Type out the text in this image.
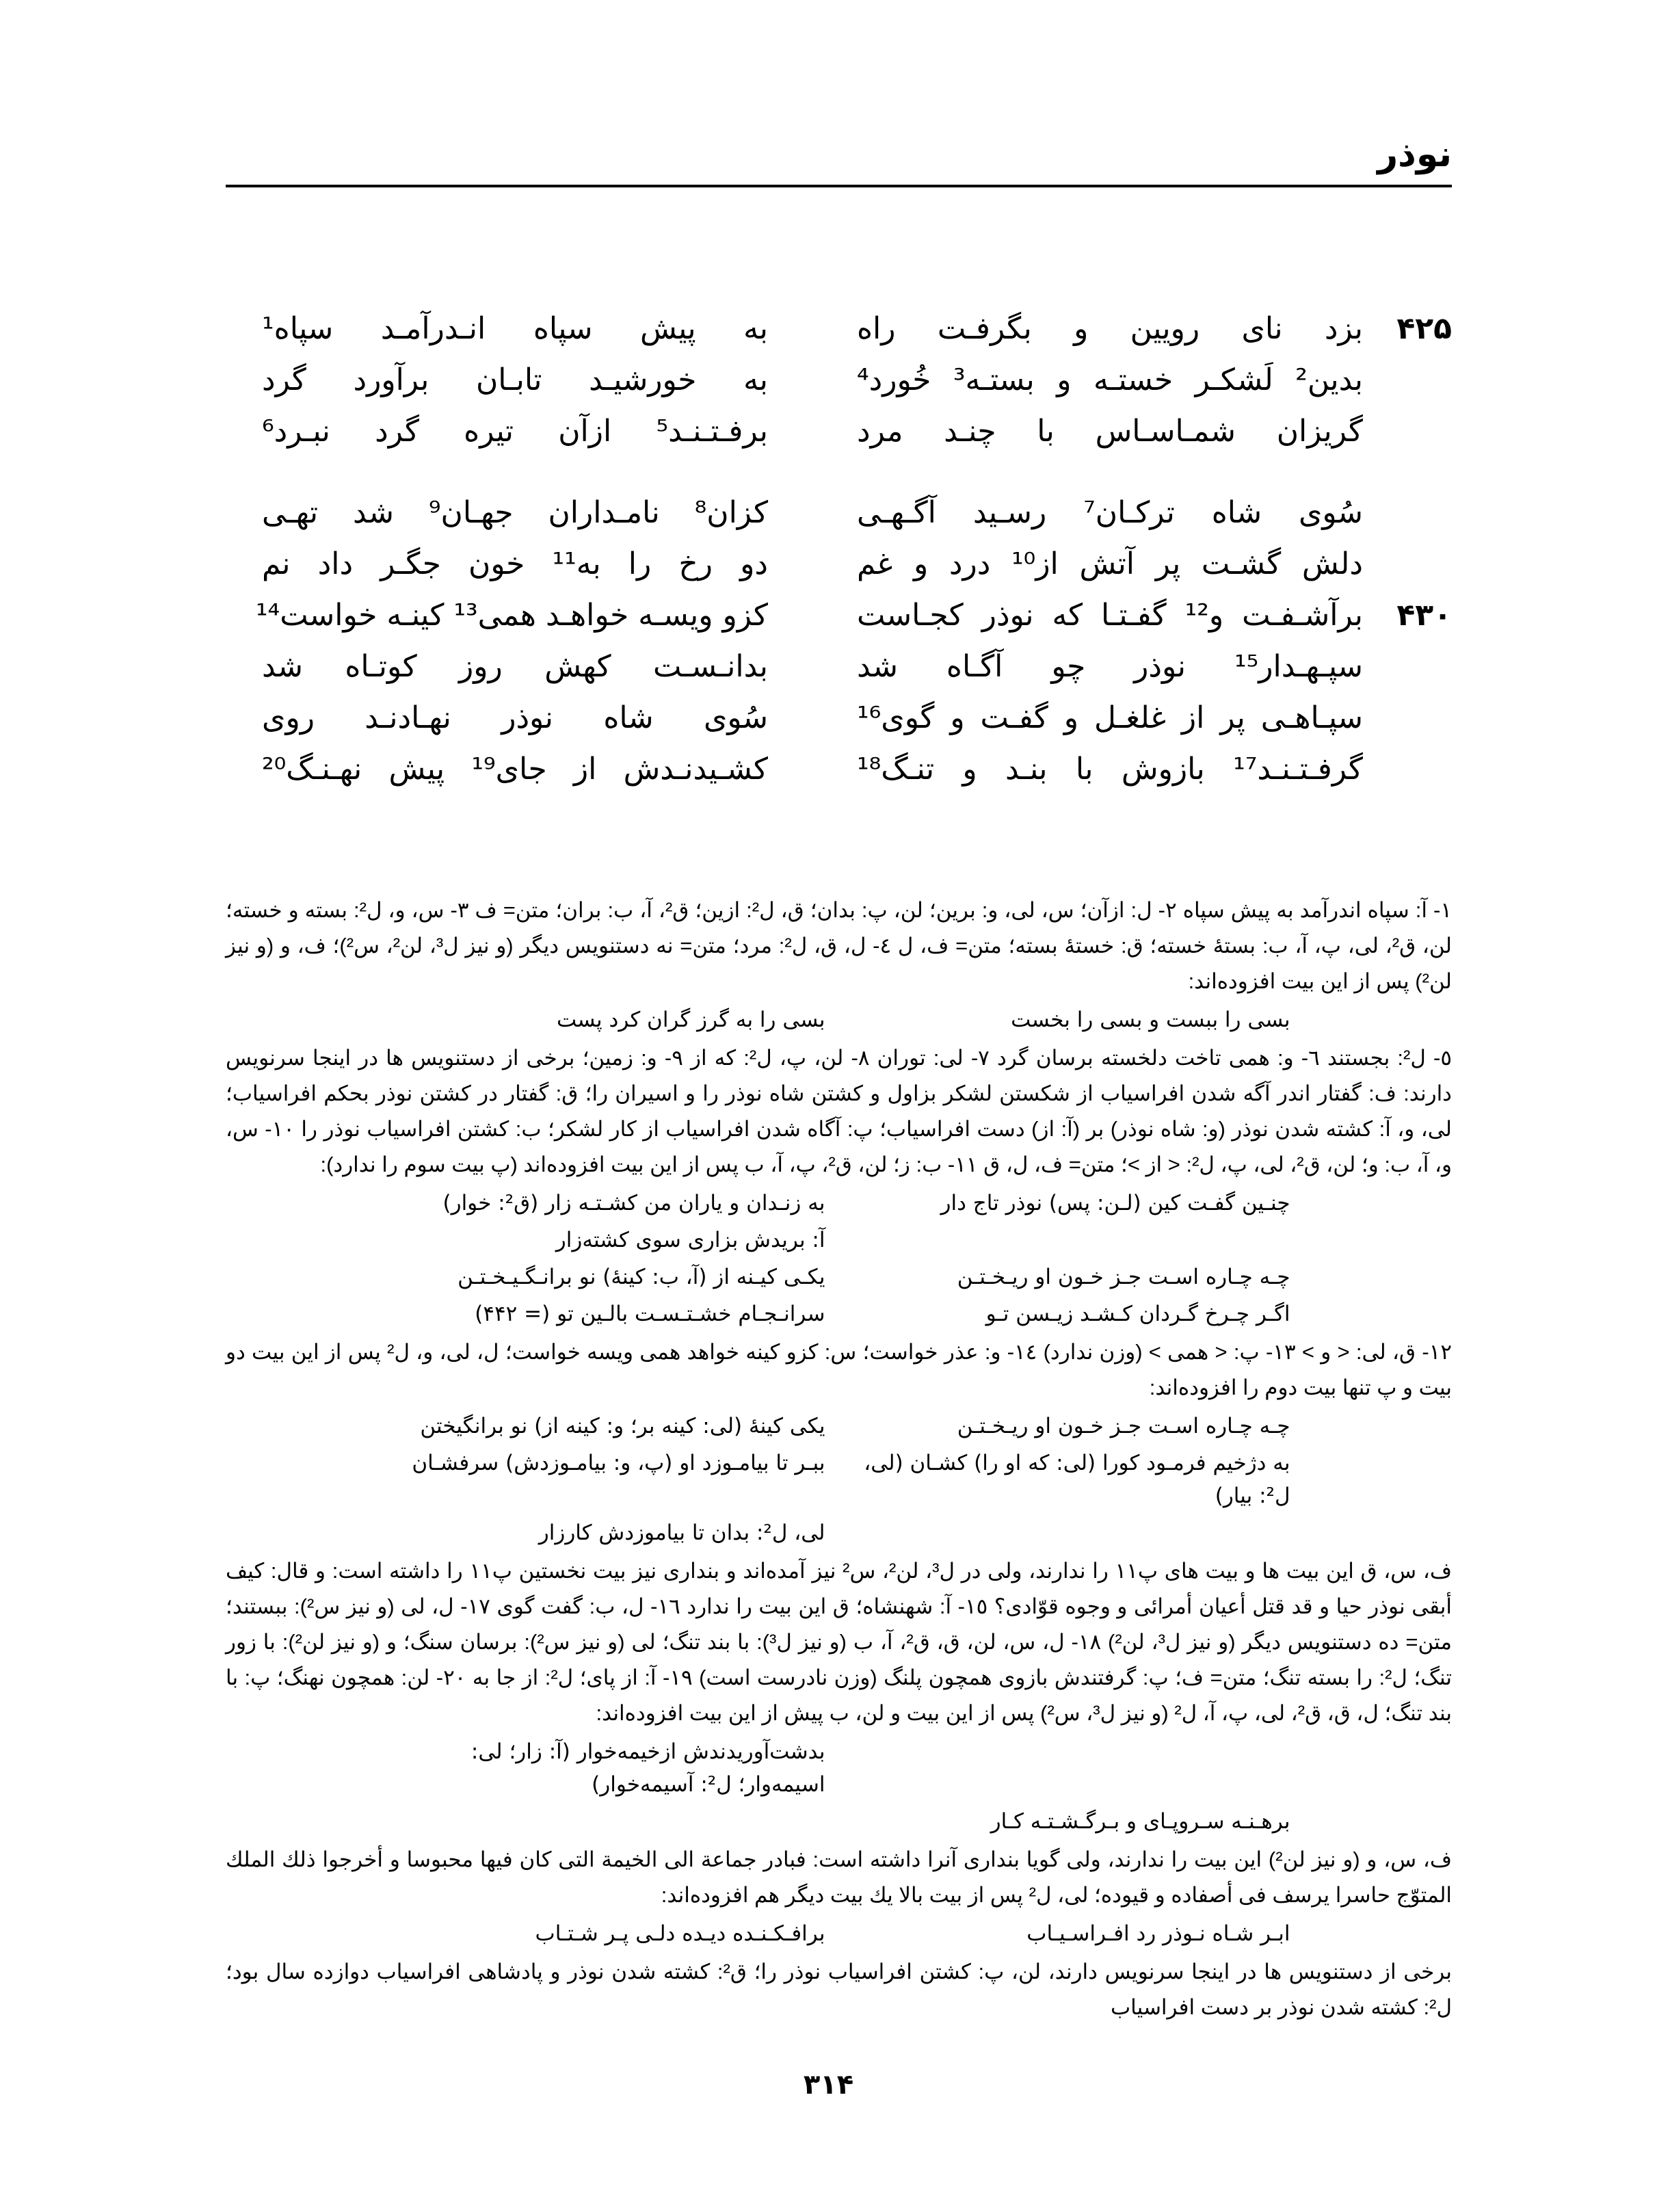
نوذر
۴۲۵
بزد نای رویین و بگرفـت راه
به پیش سپاه انـدرآمـد سپاه¹
بدین² لَشکـر خستـه و بستـه³ خُورد⁴
به خورشیـد تابـان برآورد گرد
گریزان شمـاسـاس با چنـد مرد
برفـتـنـد⁵ ازآن تیره گرد نبـرد⁶
سُوی شاه ترکـان⁷ رسـید آگـهـی
کزان⁸ نامـداران جهـان⁹ شد تهـی
دلش گشـت پر آتش از¹⁰ درد و غم
دو رخ را به¹¹ خون جگـر داد نم
۴۳۰
برآشـفـت و¹² گفـتـا که نوذر کجـاست
کزو ویسـه خواهـد همی¹³ کینـه خواست¹⁴
سپـهـدار¹⁵ نوذر چو آگـاه شد
بدانـسـت کهش روز کوتـاه شد
سپـاهـی پر از غلغـل و گفـت و گوی¹⁶
سُوی شاه نوذر نهـادنـد روی
گرفـتـنـد¹⁷ بازوش با بنـد و تنـگ¹⁸
کشـیدنـدش از جای¹⁹ پیش نهـنـگ²⁰

۱- آ: سپاه اندرآمد به پیش سپاه ۲- ل: ازآن؛ س، لی، و: برین؛ لن، پ: بدان؛ ق، ل²: ازین؛ ق²، آ، ب: بران؛ متن= ف ۳- س، و، ل²: بسته و خسته؛ لن، ق²، لی، پ، آ، ب: بستهٔ خسته؛ ق: خستهٔ بسته؛ متن= ف، ل ٤- ل، ق، ل²: مرد؛ متن= نه دستنویس دیگر (و نیز ل³، لن²، س²)؛ ف، و (و نیز لن²) پس از این بیت افزوده‌اند:

بسی را ببست و بسی را بخست
بسی را به گرز گران کرد پست

٥- ل²: بجستند ٦- و: همی تاخت دلخسته برسان گرد ۷- لی: توران ۸- لن، پ، ل²: که از ۹- و: زمین؛ برخی از دستنویس ها در اینجا سرنویس دارند: ف: گفتار اندر آگه شدن افراسیاب از شکستن لشکر بزاول و کشتن شاه نوذر را و اسیران را؛ ق: گفتار در کشتن نوذر بحکم افراسیاب؛ لی، و، آ: کشته شدن نوذر (و: شاه نوذر) بر (آ: از) دست افراسیاب؛ پ: آگاه شدن افراسیاب از کار لشکر؛ ب: کشتن افراسیاب نوذر را ۱۰- س، و، آ، ب: و؛ لن، ق²، لی، پ، ل²: < از >؛ متن= ف، ل، ق ۱۱- ب: ز؛ لن، ق²، پ، آ، ب پس از این بیت افزوده‌اند (پ بیت سوم را ندارد):

چنـین گفـت کین (لـن: پس) نوذر تاج دار
به زنـدان و یاران من کشـتـه زار (ق²: خوار)
آ: بریدش بزاری سوی کشته‌زار
چـه چـاره اسـت جـز خـون او ریـخـتـن
یکـی کیـنه از (آ، ب: کینهٔ) نو برانـگـیـخـتـن
اگـر چـرخ گـردان کـشـد زیـسن تـو
سرانـجـام خشـتـسـت بالـین تو (= ۴۴۲)

۱۲- ق، لی: < و > ۱۳- پ: < همی > (وزن ندارد) ۱٤- و: عذر خواست؛ س: کزو کینه خواهد همی ویسه خواست؛ ل، لی، و، ل² پس از این بیت دو بیت و پ تنها بیت دوم را افزوده‌اند:

چـه چـاره اسـت جـز خـون او ریـخـتـن
یکی کینهٔ (لی: کینه بر؛ و: کینه از) نو برانگیختن
به دژخیم فرمـود کورا (لی: که او را) کشـان (لی، ل²: بیار)
ببـر تا بیامـوزد او (پ، و: بیامـوزدش) سرفشـان
لی، ل²: بدان تا بیاموزدش کارزار

ف، س، ق این بیت ها و بیت های پ۱۱ را ندارند، ولی در ل³، لن²، س² نیز آمده‌اند و بنداری نیز بیت نخستین پ۱۱ را داشته است: و قال: کیف أبقی نوذر حیا و قد قتل أعیان أمرائی و وجوه قوّادی؟ ۱٥- آ: شهنشاه؛ ق این بیت را ندارد ۱٦- ل، ب: گفت گوی ۱۷- ل، لی (و نیز س²): ببستند؛ متن= ده دستنویس دیگر (و نیز ل³، لن²) ۱۸- ل، س، لن، ق، ق²، آ، ب (و نیز ل³): با بند تنگ؛ لی (و نیز س²): برسان سنگ؛ و (و نیز لن²): با زور تنگ؛ ل²: را بسته تنگ؛ متن= ف؛ پ: گرفتندش بازوی همچون پلنگ (وزن نادرست است) ۱۹- آ: از پای؛ ل²: از جا به ۲۰- لن: همچون نهنگ؛ پ: با بند تنگ؛ ل، ق، ق²، لی، پ، آ، ل² (و نیز ل³، س²) پس از این بیت و لن، ب پیش از این بیت افزوده‌اند:

بدشت‌آوریدندش ازخیمه‌خوار (آ: زار؛ لی: اسیمه‌وار؛ ل²: آسیمه‌خوار)
برهـنـه سـرو‌پـای و بـرگـشـتـه کـار

ف، س، و (و نیز لن²) این بیت را ندارند، ولی گویا بنداری آنرا داشته است: فبادر جماعة الی الخیمة التی کان فیها محبوسا و أخرجوا ذلك الملك المتوّج حاسرا یرسف فی أصفاده و قیوده؛ لی، ل² پس از بیت بالا یك بیت دیگر هم افزوده‌اند:

ابـر شـاه نـوذر رد افـراسـیـاب
برافـکـنـده دیـده دلـی پـر شـتـاب

برخی از دستنویس ها در اینجا سرنویس دارند، لن، پ: کشتن افراسیاب نوذر را؛ ق²: کشته شدن نوذر و پادشاهی افراسیاب دوازده سال بود؛ ل²: کشته شدن نوذر بر دست افراسیاب

۳۱۴
